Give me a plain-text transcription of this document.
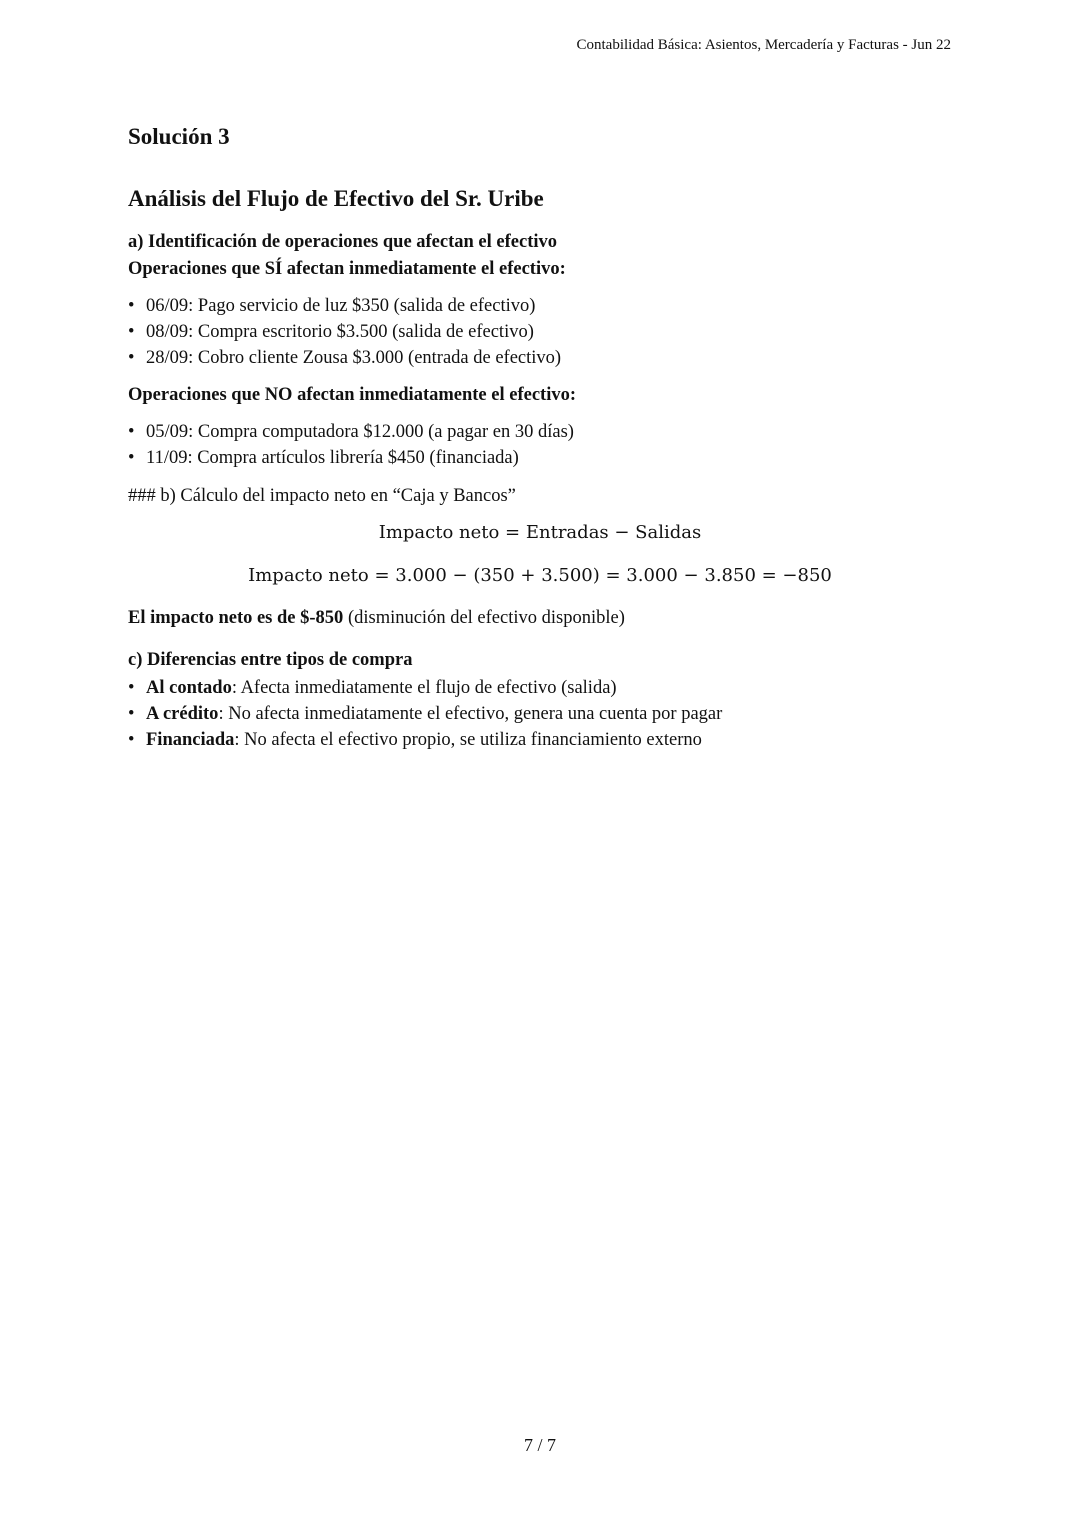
Contabilidad Básica: Asientos, Mercadería y Facturas - Jun 22
Solución 3
Análisis del Flujo de Efectivo del Sr. Uribe
a) Identificación de operaciones que afectan el efectivo
Operaciones que SÍ afectan inmediatamente el efectivo:
• 06/09: Pago servicio de luz $350 (salida de efectivo)
• 08/09: Compra escritorio $3.500 (salida de efectivo)
• 28/09: Cobro cliente Zousa $3.000 (entrada de efectivo)
Operaciones que NO afectan inmediatamente el efectivo:
• 05/09: Compra computadora $12.000 (a pagar en 30 días)
• 11/09: Compra artículos librería $450 (financiada)
### b) Cálculo del impacto neto en “Caja y Bancos”
Impacto neto = Entradas − Salidas
Impacto neto = 3.000 − (350 + 3.500) = 3.000 − 3.850 = −850
El impacto neto es de $-850 (disminución del efectivo disponible)
c) Diferencias entre tipos de compra
• Al contado: Afecta inmediatamente el flujo de efectivo (salida)
• A crédito: No afecta inmediatamente el efectivo, genera una cuenta por pagar
• Financiada: No afecta el efectivo propio, se utiliza financiamiento externo
7 / 7
